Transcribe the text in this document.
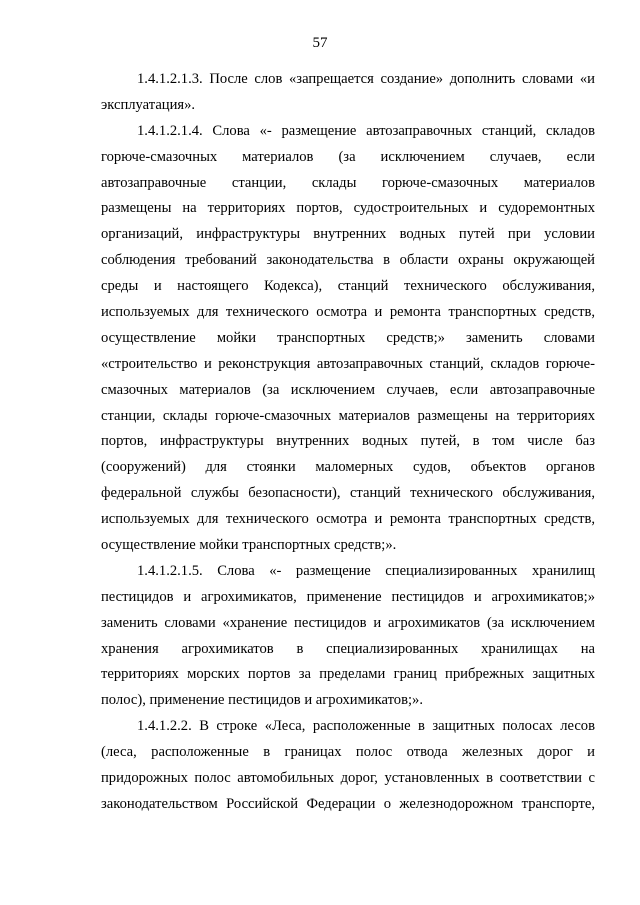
57
1.4.1.2.1.3. После слов «запрещается создание» дополнить словами «и
эксплуатация».
1.4.1.2.1.4. Слова «- размещение автозаправочных станций, складов
горюче-смазочных материалов (за исключением случаев, если
автозаправочные станции, склады горюче-смазочных материалов
размещены на территориях портов, судостроительных и судоремонтных
организаций, инфраструктуры внутренних водных путей при условии
соблюдения требований законодательства в области охраны окружающей
среды и настоящего Кодекса), станций технического обслуживания,
используемых для технического осмотра и ремонта транспортных средств,
осуществление мойки транспортных средств;» заменить словами
«строительство и реконструкция автозаправочных станций, складов горюче-
смазочных материалов (за исключением случаев, если автозаправочные
станции, склады горюче-смазочных материалов размещены на территориях
портов, инфраструктуры внутренних водных путей, в том числе баз
(сооружений) для стоянки маломерных судов, объектов органов
федеральной службы безопасности), станций технического обслуживания,
используемых для технического осмотра и ремонта транспортных средств,
осуществление мойки транспортных средств;».
1.4.1.2.1.5. Слова «- размещение специализированных хранилищ
пестицидов и агрохимикатов, применение пестицидов и агрохимикатов;»
заменить словами «хранение пестицидов и агрохимикатов (за исключением
хранения агрохимикатов в специализированных хранилищах на
территориях морских портов за пределами границ прибрежных защитных
полос), применение пестицидов и агрохимикатов;».
1.4.1.2.2. В строке «Леса, расположенные в защитных полосах лесов
(леса, расположенные в границах полос отвода железных дорог и
придорожных полос автомобильных дорог, установленных в соответствии с
законодательством Российской Федерации о железнодорожном транспорте,
